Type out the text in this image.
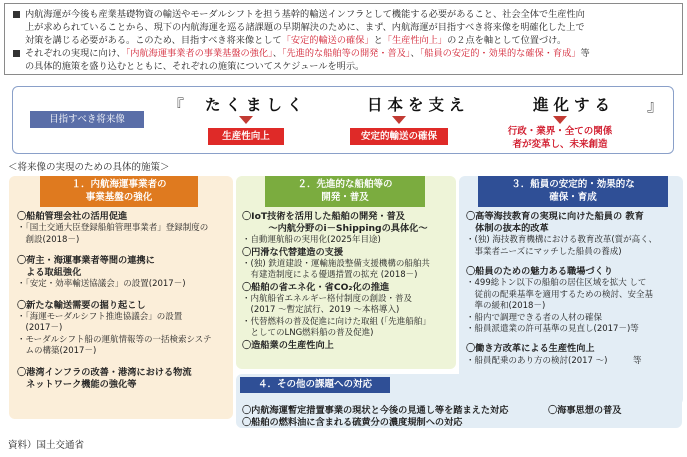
内航海運が今後も産業基礎物資の輸送やモーダルシフトを担う基幹的輸送インフラとして機能する必要があること、社会全体で生産性向
上が求められていることから、現下の内航海運を巡る諸課題の早期解決のために、まず、内航海運が目指すべき将来像を明確化した上で
対策を講じる必要がある。このため、目指すべき将来像として「安定的輸送の確保」と「生産性向上」の２点を軸として位置づけ。

それぞれの実現に向け、「内航海運事業者の事業基盤の強化」、「先進的な船舶等の開発・普及」、「船員の安定的・効果的な確保・育成」等
の具体的施策を盛り込むとともに、それぞれの施策についてスケジュールを明示。

目指すべき将来像
『 たくましく	日本を支え	進化する 』
生産性向上	安定的輸送の確保	行政・業界・全ての関係者が変革し、未来創造
＜将来像の実現のための具体的施策＞
１．内航海運事業者の
事業基盤の強化
〇船舶管理会社の活用促進
・「国土交通大臣登録船舶管理事業者」登録制度の
　創設(2018－)
〇荷主・海運事業者等間の連携に
　よる取組強化
・「安定・効率輸送協議会」の設置(2017－)
〇新たな輸送需要の掘り起こし
・「海運モーダルシフト推進協議会」の設置
　(2017－)
・モーダルシフト船の運航情報等の一括検索システ
　ムの構築(2017－)
〇港湾インフラの改善・港湾における物流
　ネットワーク機能の強化等
２．先進的な船舶等の
開発・普及
〇IoT技術を活用した船舶の開発・普及
～内航分野のi－Shippingの具体化～
・自動運航船の実用化(2025年目途)
〇円滑な代替建造の支援
・(独) 鉄道建設・運輸施設整備支援機構の船舶共
　有建造制度による優遇措置の拡充 (2018－)
〇船舶の省エネ化・省CO₂化の推進
・内航船省エネルギー格付制度の創設・普及
　(2017 ～暫定試行、2019 ～本格導入)
・代替燃料の普及促進に向けた取組 (「先進船舶」
　としてのLNG燃料船の普及促進)
〇造船業の生産性向上
３．船員の安定的・効果的な
確保・育成
〇高等海技教育の実現に向けた船員の 教育
　体制の抜本的改革
・(独) 海技教育機構における教育改革(質が高く、
　事業者ニーズにマッチした船員の養成)
〇船員のための魅力ある職場づくり
・499総トン以下の船舶の居住区域を拡大 して
　従前の配乗基準を適用するための検討、安全基
　準の緩和(2018－)
・船内で調理できる者の人材の確保
・船員派遣業の許可基準の見直し(2017－)等
〇働き方改革による生産性向上
・船員配乗のあり方の検討(2017 ～)　　　等
４．その他の課題への対応
〇内航海運暫定措置事業の現状と今後の見通し等を踏まえた対応	〇海事思想の普及
〇船舶の燃料油に含まれる硫黄分の濃度規制への対応
資料）国土交通省
